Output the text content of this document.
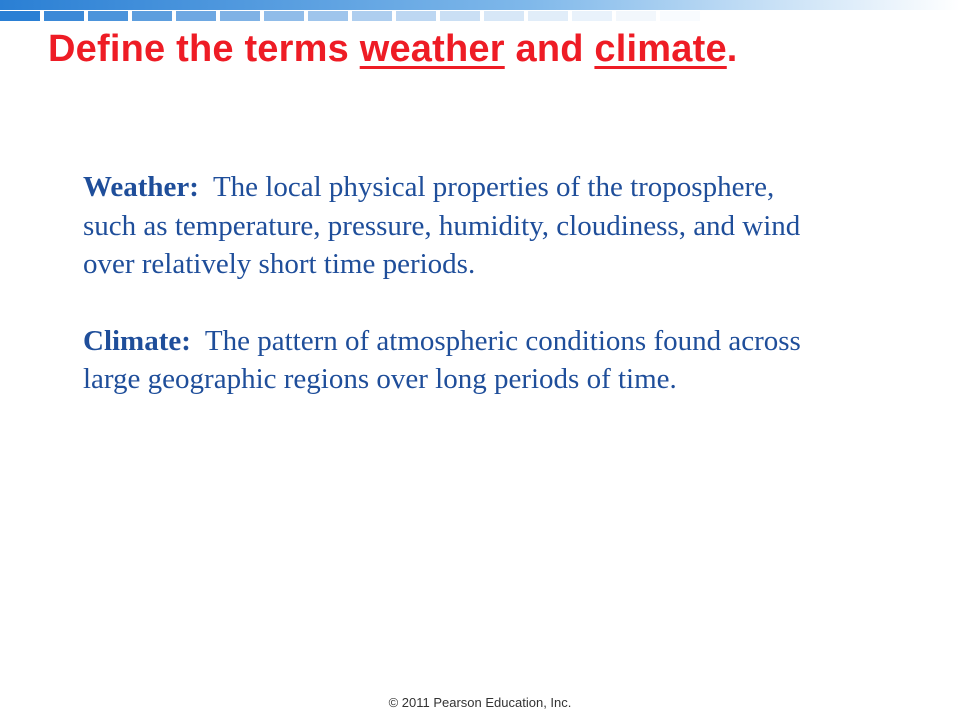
Define the terms weather and climate.

Weather: The local physical properties of the troposphere, such as temperature, pressure, humidity, cloudiness, and wind over relatively short time periods.

Climate: The pattern of atmospheric conditions found across large geographic regions over long periods of time.

© 2011 Pearson Education, Inc.
